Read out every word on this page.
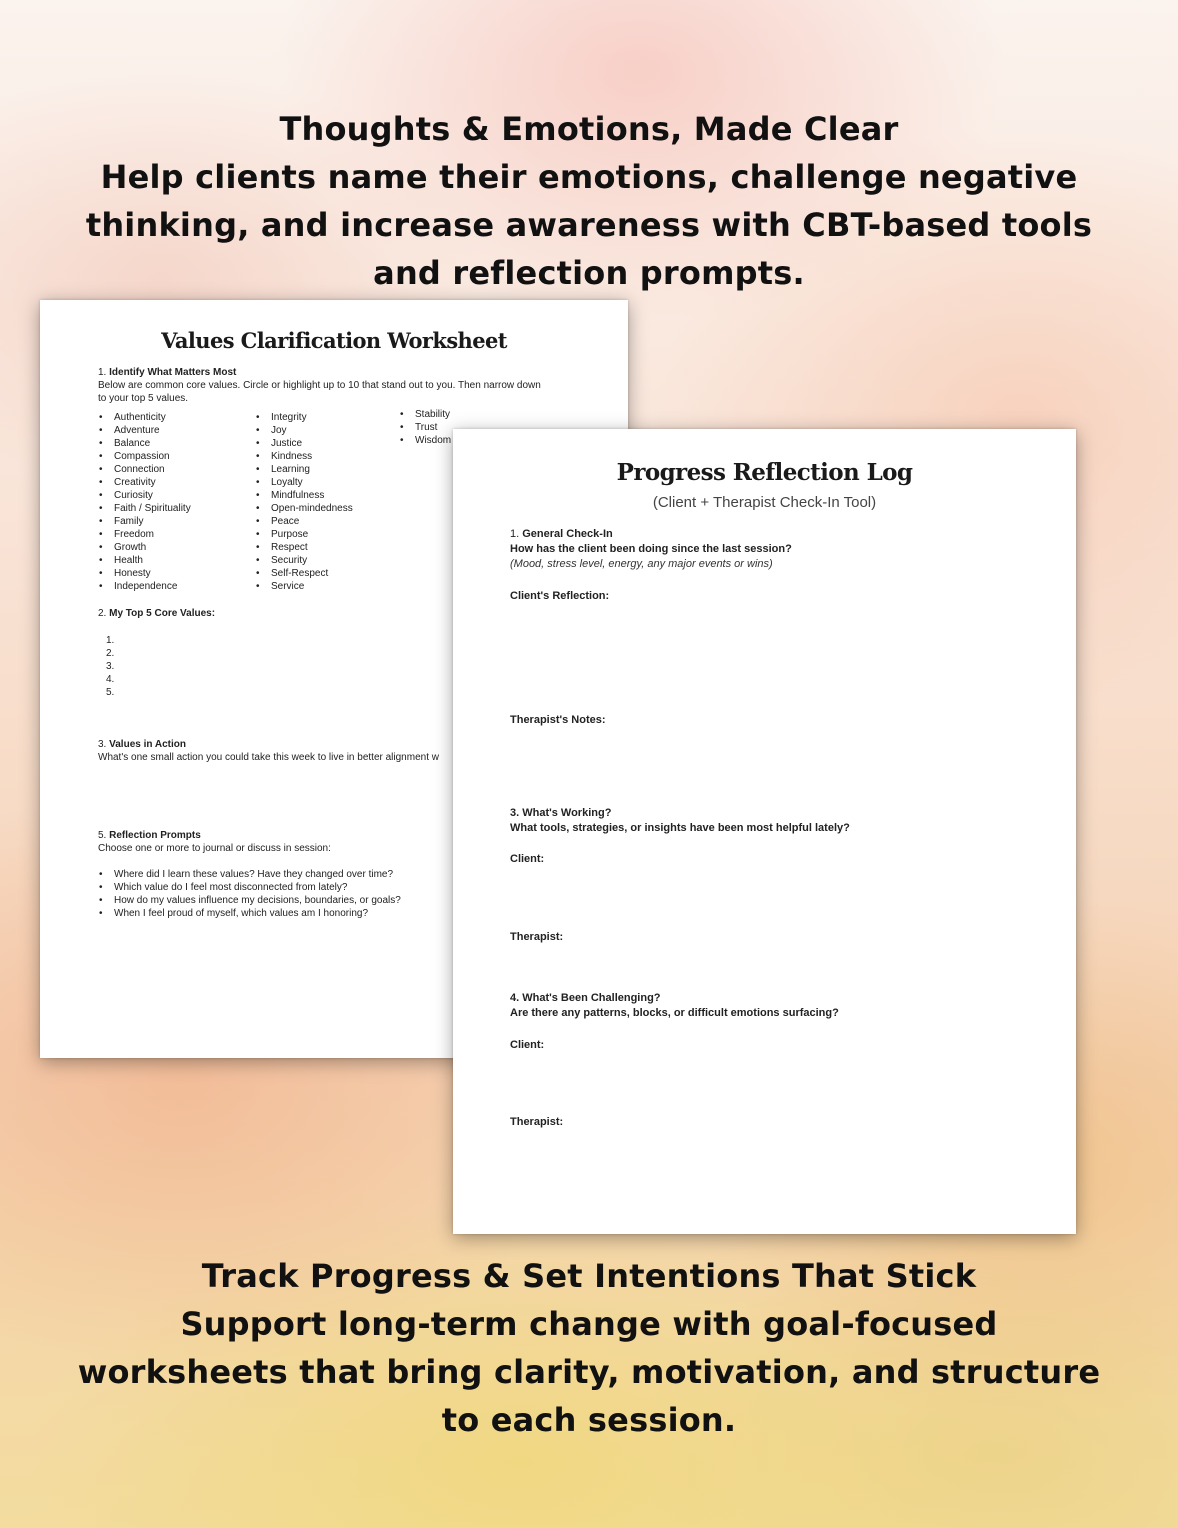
Thoughts & Emotions, Made Clear
Help clients name their emotions, challenge negative
thinking, and increase awareness with CBT-based tools
and reflection prompts.
Values Clarification Worksheet
1. Identify What Matters Most
Below are common core values. Circle or highlight up to 10 that stand out to you. Then narrow down
to your top 5 values.
• Authenticity
• Adventure
• Balance
• Compassion
• Connection
• Creativity
• Curiosity
• Faith / Spirituality
• Family
• Freedom
• Growth
• Health
• Honesty
• Independence
• Integrity
• Joy
• Justice
• Kindness
• Learning
• Loyalty
• Mindfulness
• Open-mindedness
• Peace
• Purpose
• Respect
• Security
• Self-Respect
• Service
• Stability
• Trust
• Wisdom
2. My Top 5 Core Values:
1.
2.
3.
4.
5.
3. Values in Action
What's one small action you could take this week to live in better alignment w
5. Reflection Prompts
Choose one or more to journal or discuss in session:
• Where did I learn these values? Have they changed over time?
• Which value do I feel most disconnected from lately?
• How do my values influence my decisions, boundaries, or goals?
• When I feel proud of myself, which values am I honoring?
Progress Reflection Log
(Client + Therapist Check-In Tool)
1. General Check-In
How has the client been doing since the last session?
(Mood, stress level, energy, any major events or wins)
Client's Reflection:
Therapist's Notes:
3. What's Working?
What tools, strategies, or insights have been most helpful lately?
Client:
Therapist:
4. What's Been Challenging?
Are there any patterns, blocks, or difficult emotions surfacing?
Client:
Therapist:
Track Progress & Set Intentions That Stick
Support long-term change with goal-focused
worksheets that bring clarity, motivation, and structure
to each session.
